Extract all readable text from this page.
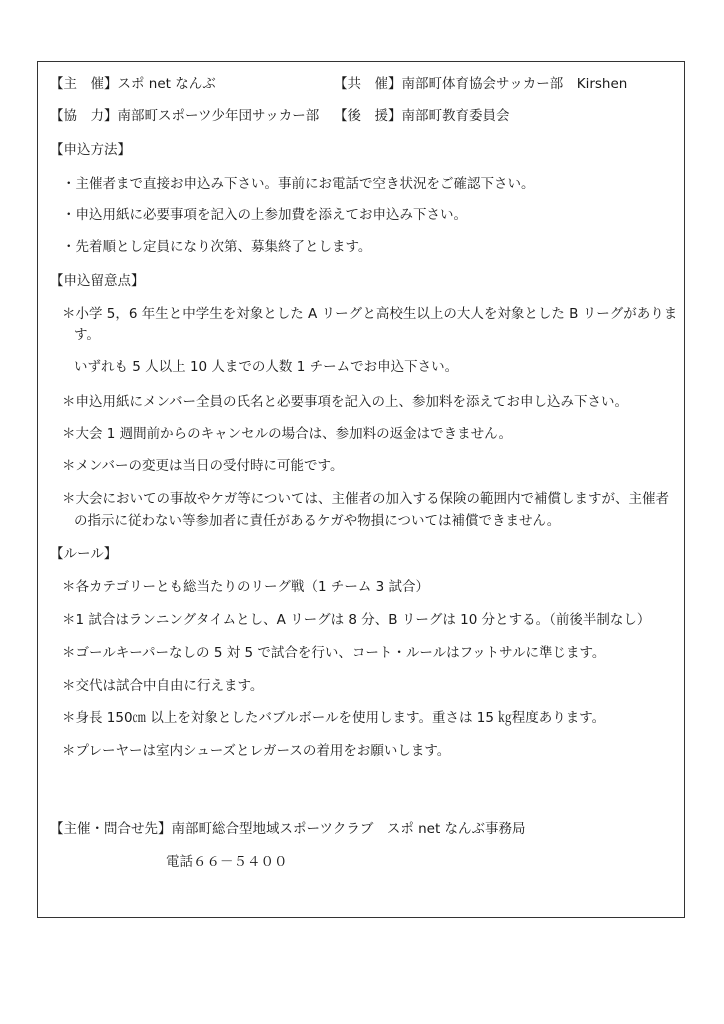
【主　催】スポ net なんぶ	【共　催】南部町体育協会サッカー部　Kirshen
【協　力】南部町スポーツ少年団サッカー部 【後　援】南部町教育委員会
【申込方法】
・主催者まで直接お申込み下さい。事前にお電話で空き状況をご確認下さい。
・申込用紙に必要事項を記入の上参加費を添えてお申込み下さい。
・先着順とし定員になり次第、募集終了とします。
【申込留意点】
＊小学 5，6 年生と中学生を対象とした A リーグと高校生以上の大人を対象とした B リーグがありま
す。
いずれも 5 人以上 10 人までの人数 1 チームでお申込下さい。
＊申込用紙にメンバー全員の氏名と必要事項を記入の上、参加料を添えてお申し込み下さい。
＊大会 1 週間前からのキャンセルの場合は、参加料の返金はできません。
＊メンバーの変更は当日の受付時に可能です。
＊大会においての事故やケガ等については、主催者の加入する保険の範囲内で補償しますが、主催者
の指示に従わない等参加者に責任があるケガや物損については補償できません。
【ルール】
＊各カテゴリーとも総当たりのリーグ戦（1 チーム 3 試合）
＊1 試合はランニングタイムとし、A リーグは 8 分、B リーグは 10 分とする。（前後半制なし）
＊ゴールキーパーなしの 5 対 5 で試合を行い、コート・ルールはフットサルに準じます。
＊交代は試合中自由に行えます。
＊身長 150㎝ 以上を対象としたバブルボールを使用します。重さは 15 ㎏程度あります。
＊プレーヤーは室内シューズとレガースの着用をお願いします。
【主催・問合せ先】南部町総合型地域スポーツクラブ　スポ net なんぶ事務局
電話６６－５４００
